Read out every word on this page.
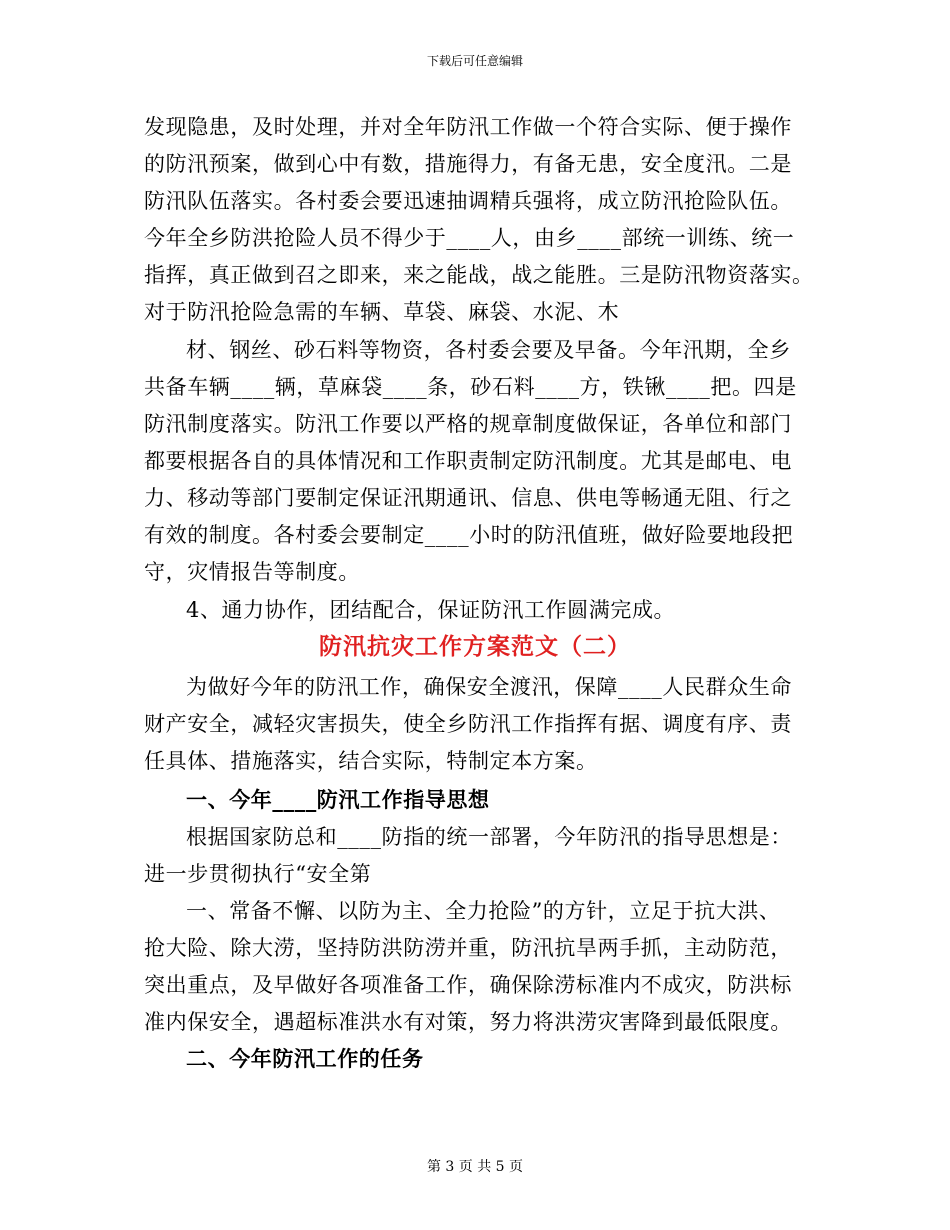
下载后可任意编辑
发现隐患，及时处理，并对全年防汛工作做一个符合实际、便于操作
的防汛预案，做到心中有数，措施得力，有备无患，安全度汛。二是
防汛队伍落实。各村委会要迅速抽调精兵强将，成立防汛抢险队伍。
今年全乡防洪抢险人员不得少于____人，由乡____部统一训练、统一
指挥，真正做到召之即来，来之能战，战之能胜。三是防汛物资落实。
对于防汛抢险急需的车辆、草袋、麻袋、水泥、木
材、钢丝、砂石料等物资，各村委会要及早备。今年汛期，全乡
共备车辆____辆，草麻袋____条，砂石料____方，铁锹____把。四是
防汛制度落实。防汛工作要以严格的规章制度做保证，各单位和部门
都要根据各自的具体情况和工作职责制定防汛制度。尤其是邮电、电
力、移动等部门要制定保证汛期通讯、信息、供电等畅通无阻、行之
有效的制度。各村委会要制定____小时的防汛值班，做好险要地段把
守，灾情报告等制度。
4、通力协作，团结配合，保证防汛工作圆满完成。
防汛抗灾工作方案范文（二）
为做好今年的防汛工作，确保安全渡汛，保障____人民群众生命
财产安全，减轻灾害损失，使全乡防汛工作指挥有据、调度有序、责
任具体、措施落实，结合实际，特制定本方案。
一、今年____防汛工作指导思想
根据国家防总和____防指的统一部署，今年防汛的指导思想是：
进一步贯彻执行“安全第
一、常备不懈、以防为主、全力抢险”的方针，立足于抗大洪、
抢大险、除大涝，坚持防洪防涝并重，防汛抗旱两手抓，主动防范，
突出重点，及早做好各项准备工作，确保除涝标准内不成灾，防洪标
准内保安全，遇超标准洪水有对策，努力将洪涝灾害降到最低限度。
二、今年防汛工作的任务
第 3 页 共 5 页
